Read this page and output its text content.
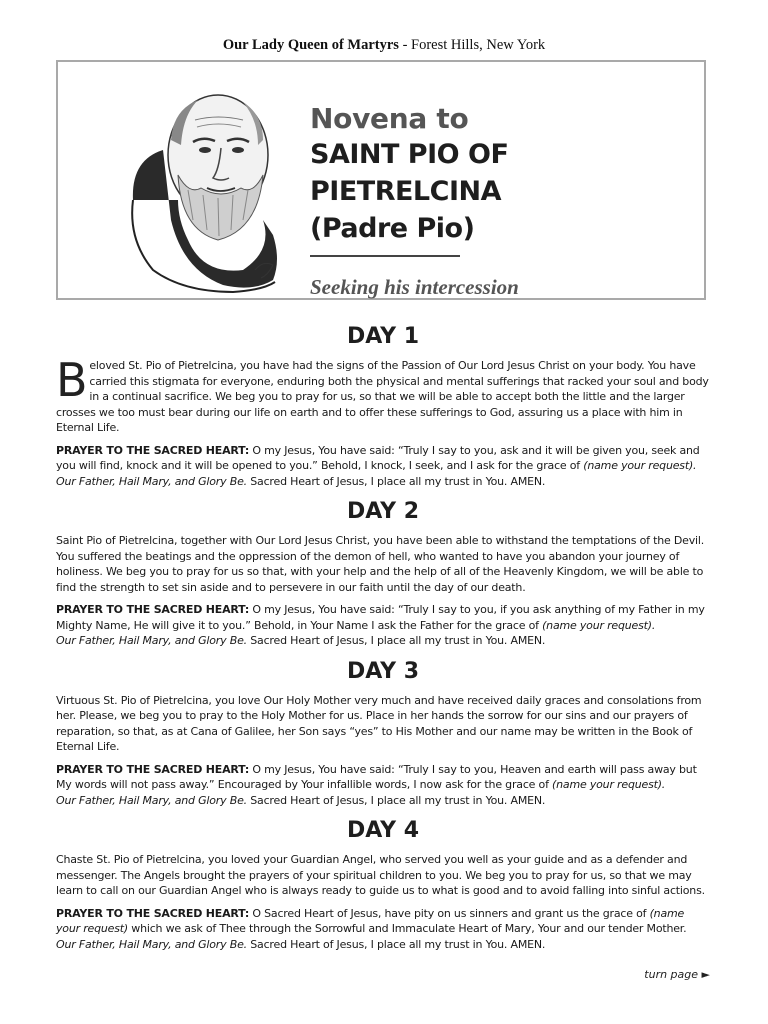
Our Lady Queen of Martyrs - Forest Hills, New York
Novena to
SAINT PIO OF PIETRELCINA
(Padre Pio)
Seeking his intercession
DAY 1

Beloved St. Pio of Pietrelcina, you have had the signs of the Passion of Our Lord Jesus Christ on your body. You have carried this stigmata for everyone, enduring both the physical and mental sufferings that racked your soul and body in a continual sacrifice. We beg you to pray for us, so that we will be able to accept both the little and the larger crosses we too must bear during our life on earth and to offer these sufferings to God, assuring us a place with him in Eternal Life.

PRAYER TO THE SACRED HEART: O my Jesus, You have said: “Truly I say to you, ask and it will be given you, seek and you will find, knock and it will be opened to you.” Behold, I knock, I seek, and I ask for the grace of (name your request).
Our Father, Hail Mary, and Glory Be. Sacred Heart of Jesus, I place all my trust in You. AMEN.

DAY 2

Saint Pio of Pietrelcina, together with Our Lord Jesus Christ, you have been able to withstand the temptations of the Devil. You suffered the beatings and the oppression of the demon of hell, who wanted to have you abandon your journey of holiness. We beg you to pray for us so that, with your help and the help of all of the Heavenly Kingdom, we will be able to find the strength to set sin aside and to persevere in our faith until the day of our death.

PRAYER TO THE SACRED HEART: O my Jesus, You have said: “Truly I say to you, if you ask anything of my Father in my Mighty Name, He will give it to you.” Behold, in Your Name I ask the Father for the grace of (name your request).
Our Father, Hail Mary, and Glory Be. Sacred Heart of Jesus, I place all my trust in You. AMEN.

DAY 3

Virtuous St. Pio of Pietrelcina, you love Our Holy Mother very much and have received daily graces and consolations from her. Please, we beg you to pray to the Holy Mother for us. Place in her hands the sorrow for our sins and our prayers of reparation, so that, as at Cana of Galilee, her Son says “yes” to His Mother and our name may be written in the Book of Eternal Life.

PRAYER TO THE SACRED HEART: O my Jesus, You have said: “Truly I say to you, Heaven and earth will pass away but My words will not pass away.” Encouraged by Your infallible words, I now ask for the grace of (name your request).
Our Father, Hail Mary, and Glory Be. Sacred Heart of Jesus, I place all my trust in You. AMEN.

DAY 4

Chaste St. Pio of Pietrelcina, you loved your Guardian Angel, who served you well as your guide and as a defender and messenger. The Angels brought the prayers of your spiritual children to you. We beg you to pray for us, so that we may learn to call on our Guardian Angel who is always ready to guide us to what is good and to avoid falling into sinful actions.

PRAYER TO THE SACRED HEART: O Sacred Heart of Jesus, have pity on us sinners and grant us the grace of (name your request) which we ask of Thee through the Sorrowful and Immaculate Heart of Mary, Your and our tender Mother.
Our Father, Hail Mary, and Glory Be. Sacred Heart of Jesus, I place all my trust in You. AMEN.

turn page ►
